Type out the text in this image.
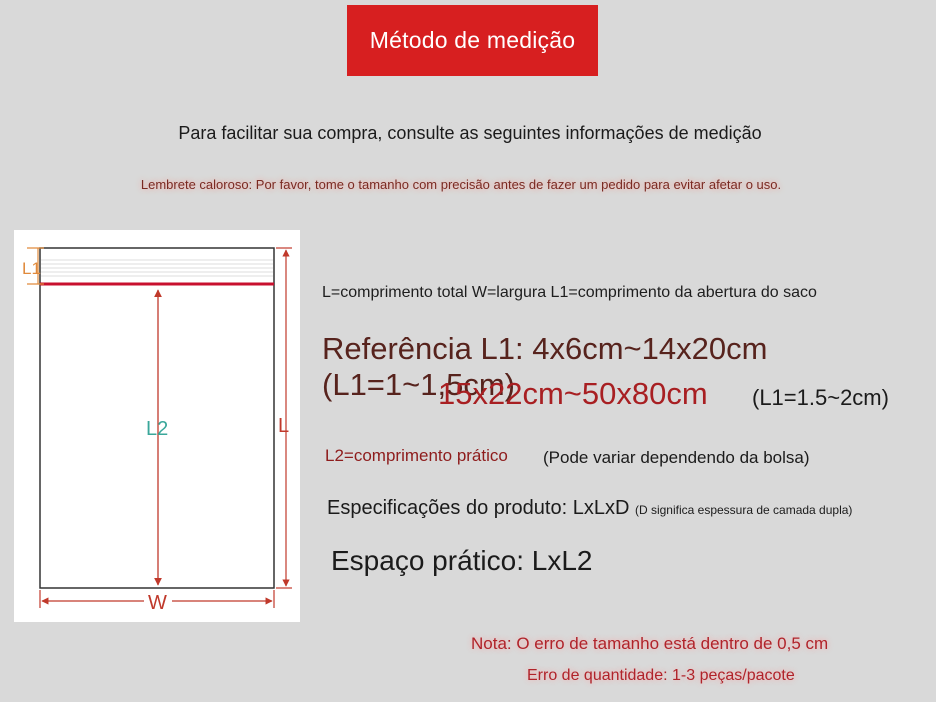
Método de medição
Para facilitar sua compra, consulte as seguintes informações de medição
Lembrete caloroso: Por favor, tome o tamanho com precisão antes de fazer um pedido para evitar afetar o uso.
L1
L2	L
W
L=comprimento total W=largura L1=comprimento da abertura do saco
Referência L1: 4x6cm~14x20cm (L1=1~1,5cm)
15x22cm~50x80cm (L1=1.5~2cm)
L2=comprimento prático (Pode variar dependendo da bolsa)
Especificações do produto: LxLxD (D significa espessura de camada dupla)
Espaço prático: LxL2
Nota: O erro de tamanho está dentro de 0,5 cm
Erro de quantidade: 1-3 peças/pacote
